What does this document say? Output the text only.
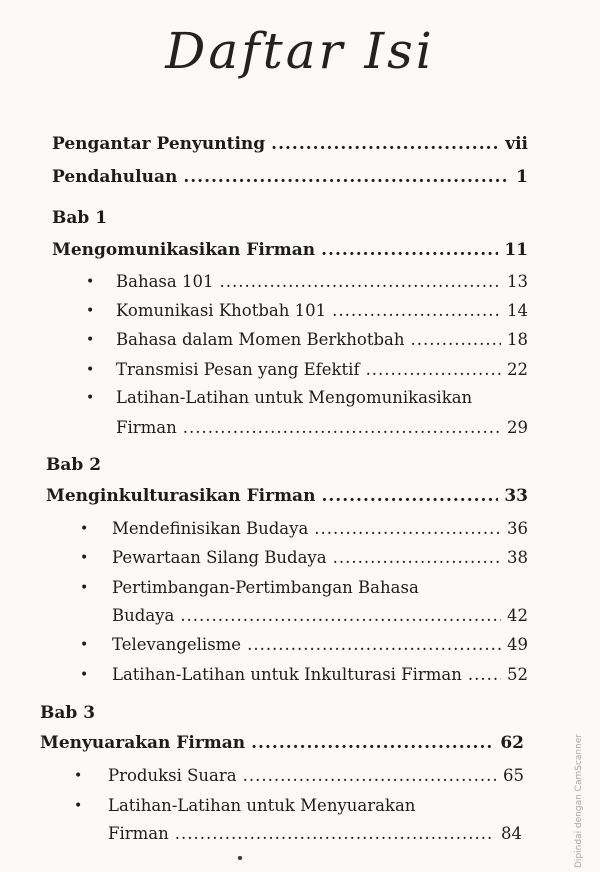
Daftar Isi
Pengantar Penyunting .....	vii
Pendahuluan .....	1
Bab 1
Mengomunikasikan Firman .....	11
• Bahasa 101 .....	13
• Komunikasi Khotbah 101 .....	14
• Bahasa dalam Momen Berkhotbah .....	18
• Transmisi Pesan yang Efektif .....	22
• Latihan-Latihan untuk Mengomunikasikan
Firman .....	29
Bab 2
Menginkulturasikan Firman .....	33
• Mendefinisikan Budaya .....	36
• Pewartaan Silang Budaya .....	38
• Pertimbangan-Pertimbangan Bahasa
Budaya .....	42
• Televangelisme .....	49
• Latihan-Latihan untuk Inkulturasi Firman .....	52
Bab 3
Menyuarakan Firman .....	62
• Produksi Suara .....	65
• Latihan-Latihan untuk Menyuarakan
Firman .....	84	Dipindai dengan CamScanner
